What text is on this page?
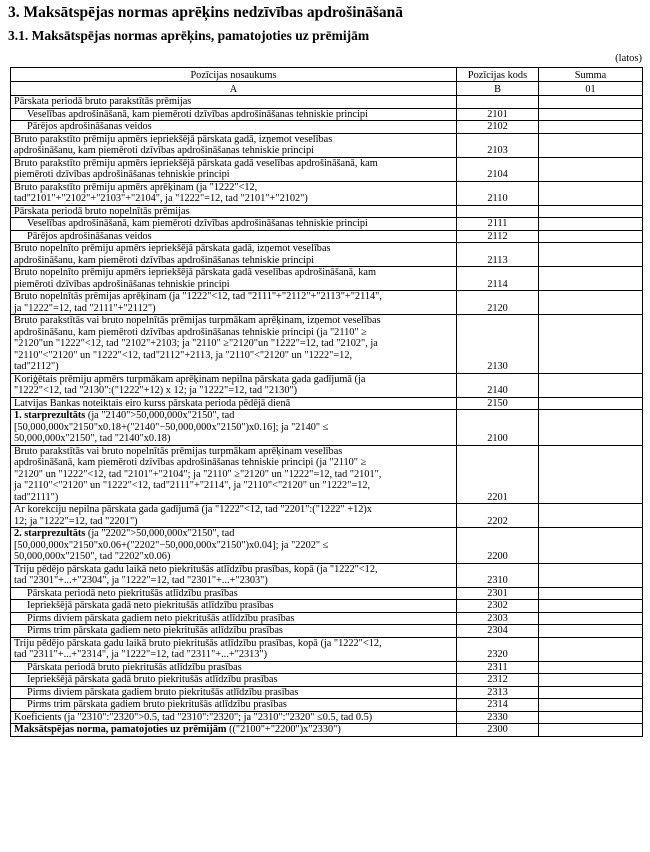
3. Maksātspējas normas aprēķins nedzīvības apdrošināšanā
3.1. Maksātspējas normas aprēķins, pamatojoties uz prēmijām
(latos)
Pozīcijas nosaukums	Pozīcijas kods	Summa
A	B	01
Pārskata periodā bruto parakstītās prēmijas		
Veselības apdrošināšanā, kam piemēroti dzīvības apdrošināšanas tehniskie principi	2101	
Pārējos apdrošināšanas veidos	2102	
Bruto parakstīto prēmiju apmērs iepriekšējā pārskata gadā, izņemot veselības
apdrošināšanu, kam piemēroti dzīvības apdrošināšanas tehniskie principi	2103	
Bruto parakstīto prēmiju apmērs iepriekšējā pārskata gadā veselības apdrošināšanā, kam
piemēroti dzīvības apdrošināšanas tehniskie principi	2104	
Bruto parakstīto prēmiju apmērs aprēķinam (ja "1222"<12,
tad"2101"+"2102"+"2103"+"2104", ja "1222"=12, tad "2101"+"2102")	2110	
Pārskata periodā bruto nopelnītās prēmijas		
Veselības apdrošināšanā, kam piemēroti dzīvības apdrošināšanas tehniskie principi	2111	
Pārējos apdrošināšanas veidos	2112	
Bruto nopelnīto prēmiju apmērs iepriekšējā pārskata gadā, izņemot veselības
apdrošināšanu, kam piemēroti dzīvības apdrošināšanas tehniskie principi	2113	
Bruto nopelnīto prēmiju apmērs iepriekšējā pārskata gadā veselības apdrošināšanā, kam
piemēroti dzīvības apdrošināšanas tehniskie principi	2114	
Bruto nopelnītās prēmijas aprēķinam (ja "1222"<12, tad "2111"+"2112"+"2113"+"2114",
ja "1222"=12, tad "2111"+"2112")	2120	
Bruto parakstītās vai bruto nopelnītās prēmijas turpmākam aprēķinam, izņemot veselības
apdrošināšanu, kam piemēroti dzīvības apdrošināšanas tehniskie principi (ja "2110" ≥
"2120"un "1222"<12, tad "2102"+2103; ja "2110" ≥"2120"un "1222"=12, tad "2102", ja
"2110"<"2120" un "1222"<12, tad"2112"+2113, ja "2110"<"2120" un "1222"=12,
tad"2112")	2130	
Koriģētais prēmiju apmērs turpmākam aprēķinam nepilna pārskata gada gadījumā (ja
"1222"<12, tad "2130":("1222"+12) x 12; ja "1222"=12, tad "2130")	2140	
Latvijas Bankas noteiktais eiro kurss pārskata perioda pēdējā dienā	2150	
1. starprezultāts (ja "2140">50,000,000x"2150", tad
[50,000,000x"2150"x0.18+("2140"−50,000,000x"2150")x0.16]; ja "2140" ≤
50,000,000x"2150", tad "2140"x0.18)	2100	
Bruto parakstītās vai bruto nopelnītās prēmijas turpmākam aprēķinam veselības
apdrošināšanā, kam piemēroti dzīvības apdrošināšanas tehniskie principi (ja "2110" ≥
"2120" un "1222"<12, tad "2101"+"2104"; ja "2110" ≥"2120" un "1222"=12, tad "2101",
ja "2110"<"2120" un "1222"<12, tad"2111"+"2114", ja "2110"<"2120" un "1222"=12,
tad"2111")	2201	
Ar korekciju nepilna pārskata gada gadījumā (ja "1222"<12, tad "2201":("1222" +12)x
12; ja "1222"=12, tad "2201")	2202	
2. starprezultāts (ja "2202">50,000,000x"2150", tad
[50,000,000x"2150"x0.06+("2202"−50,000,000x"2150")x0.04]; ja "2202" ≤
50,000,000x"2150", tad "2202"x0.06)	2200	
Triju pēdējo pārskata gadu laikā neto piekritušās atlīdzību prasības, kopā (ja "1222"<12,
tad "2301"+...+"2304", ja "1222"=12, tad "2301"+...+"2303")	2310	
Pārskata periodā neto piekritušās atlīdzību prasības	2301	
Iepriekšējā pārskata gadā neto piekritušās atlīdzību prasības	2302	
Pirms diviem pārskata gadiem neto piekritušās atlīdzību prasības	2303	
Pirms trim pārskata gadiem neto piekritušās atlīdzību prasības	2304	
Triju pēdējo pārskata gadu laikā bruto piekritušās atlīdzību prasības, kopā (ja "1222"<12,
tad "2311"+...+"2314", ja "1222"=12, tad "2311"+...+"2313")	2320	
Pārskata periodā bruto piekritušās atlīdzību prasības	2311	
Iepriekšējā pārskata gadā bruto piekritušās atlīdzību prasības	2312	
Pirms diviem pārskata gadiem bruto piekritušās atlīdzību prasības	2313	
Pirms trim pārskata gadiem bruto piekritušās atlīdzību prasības	2314	
Koeficients (ja "2310":"2320">0.5, tad "2310":"2320"; ja "2310":"2320" ≤0.5, tad 0.5)	2330	
Maksātspējas norma, pamatojoties uz prēmijām (("2100"+"2200")x"2330")	2300	
